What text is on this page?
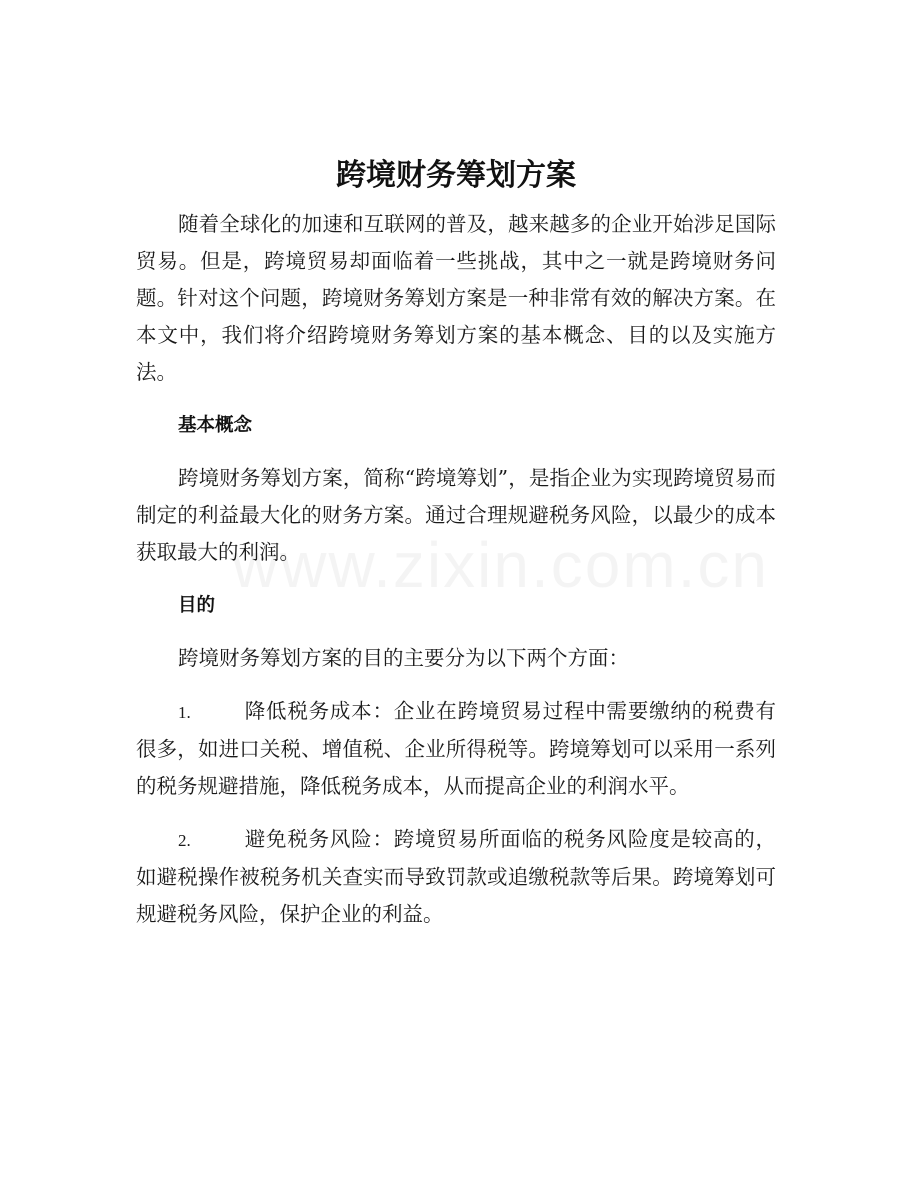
跨境财务筹划方案

随着全球化的加速和互联网的普及，越来越多的企业开始涉足国际贸易。但是，跨境贸易却面临着一些挑战，其中之一就是跨境财务问题。针对这个问题，跨境财务筹划方案是一种非常有效的解决方案。在本文中，我们将介绍跨境财务筹划方案的基本概念、目的以及实施方法。

基本概念

跨境财务筹划方案，简称“跨境筹划”，是指企业为实现跨境贸易而制定的利益最大化的财务方案。通过合理规避税务风险，以最少的成本获取最大的利润。

目的

跨境财务筹划方案的目的主要分为以下两个方面：

1.	降低税务成本：企业在跨境贸易过程中需要缴纳的税费有很多，如进口关税、增值税、企业所得税等。跨境筹划可以采用一系列的税务规避措施，降低税务成本，从而提高企业的利润水平。

2.	避免税务风险：跨境贸易所面临的税务风险度是较高的，如避税操作被税务机关查实而导致罚款或追缴税款等后果。跨境筹划可规避税务风险，保护企业的利益。
